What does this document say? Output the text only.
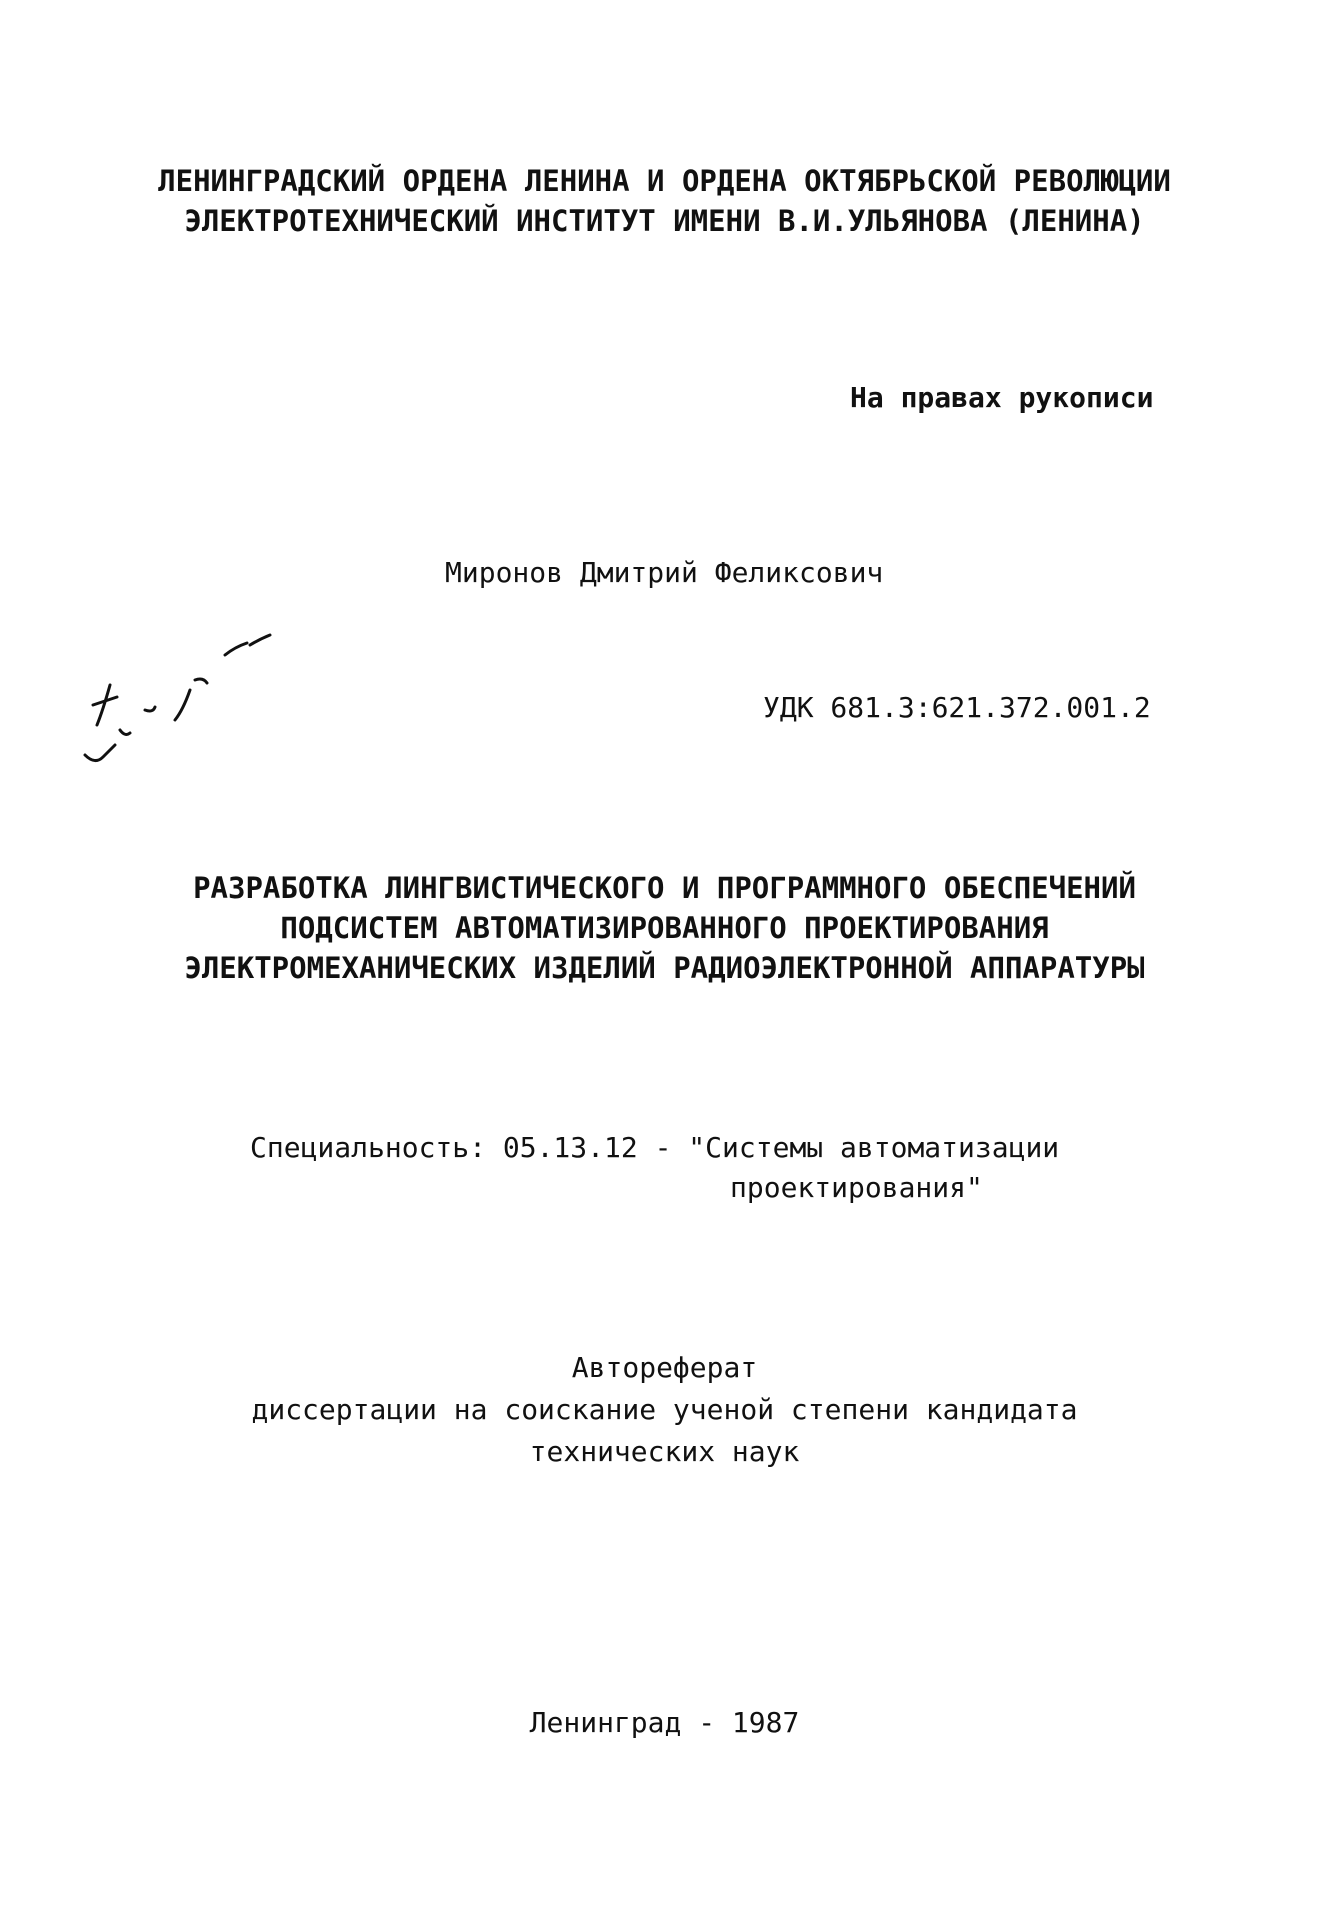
ЛЕНИНГРАДСКИЙ ОРДЕНА ЛЕНИНА И ОРДЕНА ОКТЯБРЬСКОЙ РЕВОЛЮЦИИ
ЭЛЕКТРОТЕХНИЧЕСКИЙ ИНСТИТУТ ИМЕНИ В.И.УЛЬЯНОВА (ЛЕНИНА)
На правах рукописи
Миронов Дмитрий Феликсович
УДК 681.3:621.372.001.2
РАЗРАБОТКА ЛИНГВИСТИЧЕСКОГО И ПРОГРАММНОГО ОБЕСПЕЧЕНИЙ
ПОДСИСТЕМ АВТОМАТИЗИРОВАННОГО ПРОЕКТИРОВАНИЯ
ЭЛЕКТРОМЕХАНИЧЕСКИХ ИЗДЕЛИЙ РАДИОЭЛЕКТРОННОЙ АППАРАТУРЫ
Специальность: 05.13.12 - "Системы автоматизации
проектирования"
Автореферат
диссертации на соискание ученой степени кандидата
технических наук
Ленинград - 1987
